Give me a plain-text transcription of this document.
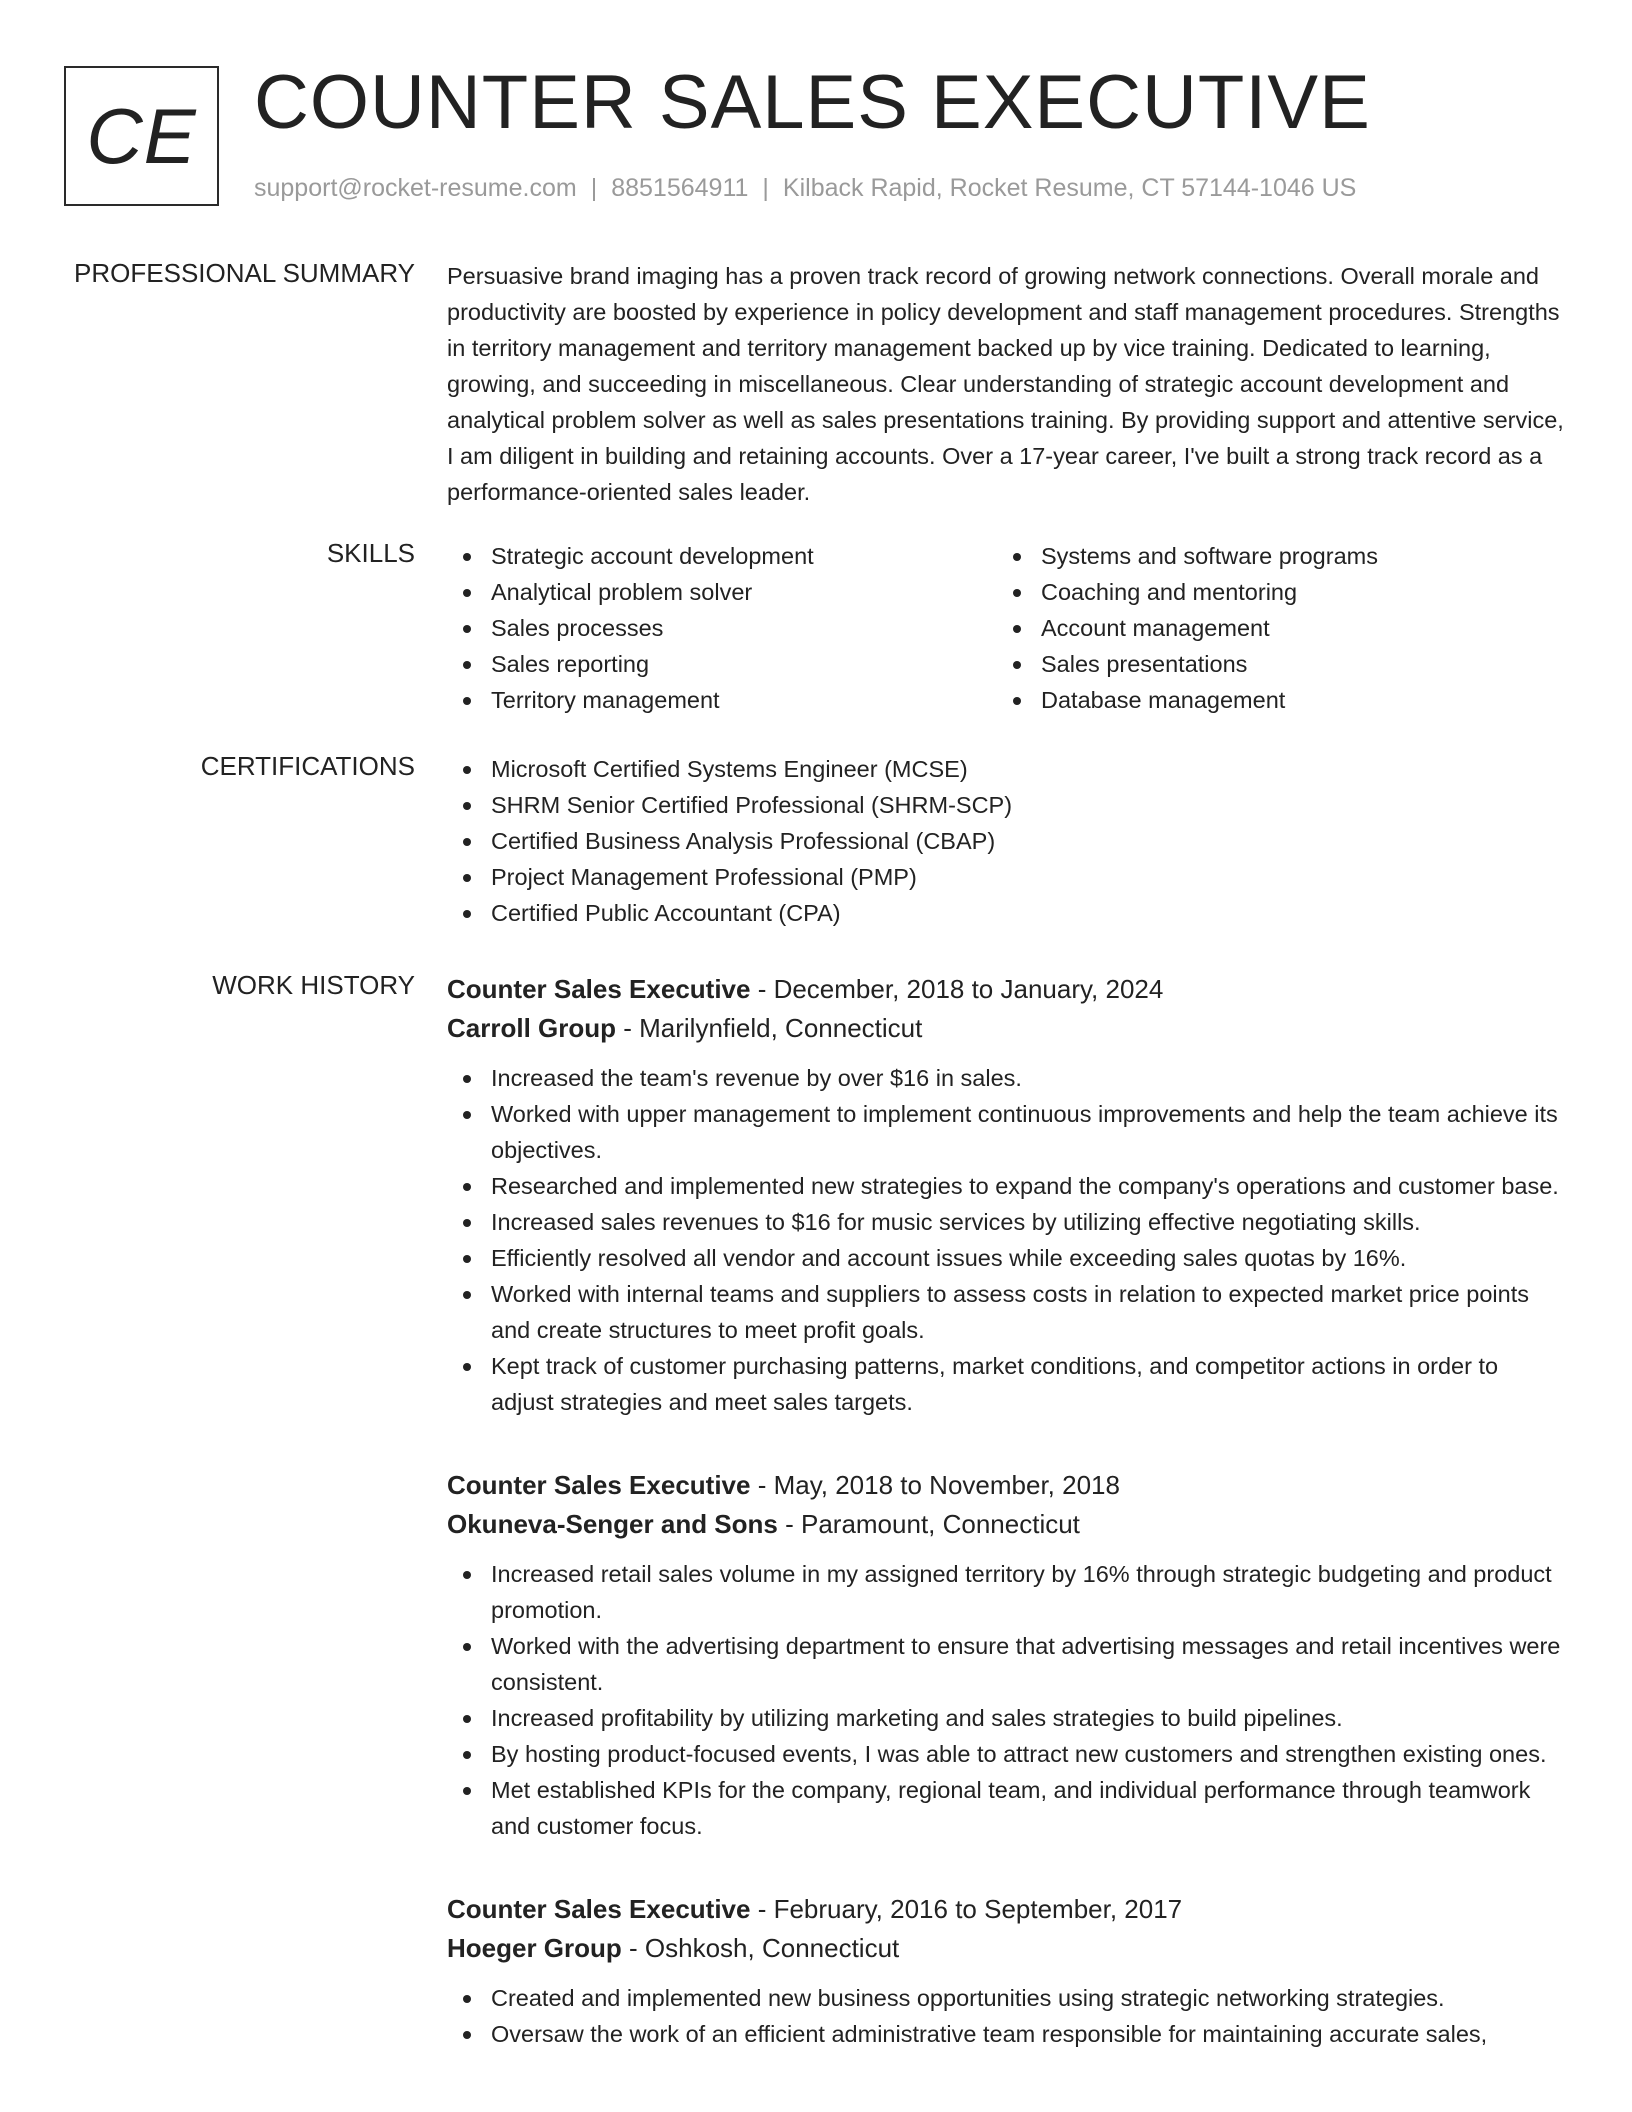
CE COUNTER SALES EXECUTIVE
support@rocket-resume.com | 8851564911 | Kilback Rapid, Rocket Resume, CT 57144-1046 US
PROFESSIONAL SUMMARY Persuasive brand imaging has a proven track record of growing network connections. Overall morale and productivity are boosted by experience in policy development and staff management procedures. Strengths in territory management and territory management backed up by vice training. Dedicated to learning, growing, and succeeding in miscellaneous. Clear understanding of strategic account development and analytical problem solver as well as sales presentations training. By providing support and attentive service, I am diligent in building and retaining accounts. Over a 17-year career, I've built a strong track record as a performance-oriented sales leader.

SKILLS	Strategic account development
Analytical problem solver
Sales processes
Sales reporting
Territory management
Systems and software programs
Coaching and mentoring
Account management
Sales presentations
Database management
CERTIFICATIONS	Microsoft Certified Systems Engineer (MCSE)
SHRM Senior Certified Professional (SHRM-SCP)
Certified Business Analysis Professional (CBAP)
Project Management Professional (PMP)
Certified Public Accountant (CPA)
WORK HISTORY Counter Sales Executive - December, 2018 to January, 2024
Carroll Group - Marilynfield, Connecticut
Increased the team's revenue by over $16 in sales.
Worked with upper management to implement continuous improvements and help the team achieve its objectives.
Researched and implemented new strategies to expand the company's operations and customer base.
Increased sales revenues to $16 for music services by utilizing effective negotiating skills.
Efficiently resolved all vendor and account issues while exceeding sales quotas by 16%.
Worked with internal teams and suppliers to assess costs in relation to expected market price points and create structures to meet profit goals.
Kept track of customer purchasing patterns, market conditions, and competitor actions in order to adjust strategies and meet sales targets.
Counter Sales Executive - May, 2018 to November, 2018
Okuneva-Senger and Sons - Paramount, Connecticut
Increased retail sales volume in my assigned territory by 16% through strategic budgeting and product promotion.
Worked with the advertising department to ensure that advertising messages and retail incentives were consistent.
Increased profitability by utilizing marketing and sales strategies to build pipelines.
By hosting product-focused events, I was able to attract new customers and strengthen existing ones.
Met established KPIs for the company, regional team, and individual performance through teamwork and customer focus.
Counter Sales Executive - February, 2016 to September, 2017
Hoeger Group - Oshkosh, Connecticut
Created and implemented new business opportunities using strategic networking strategies.
Oversaw the work of an efficient administrative team responsible for maintaining accurate sales,
